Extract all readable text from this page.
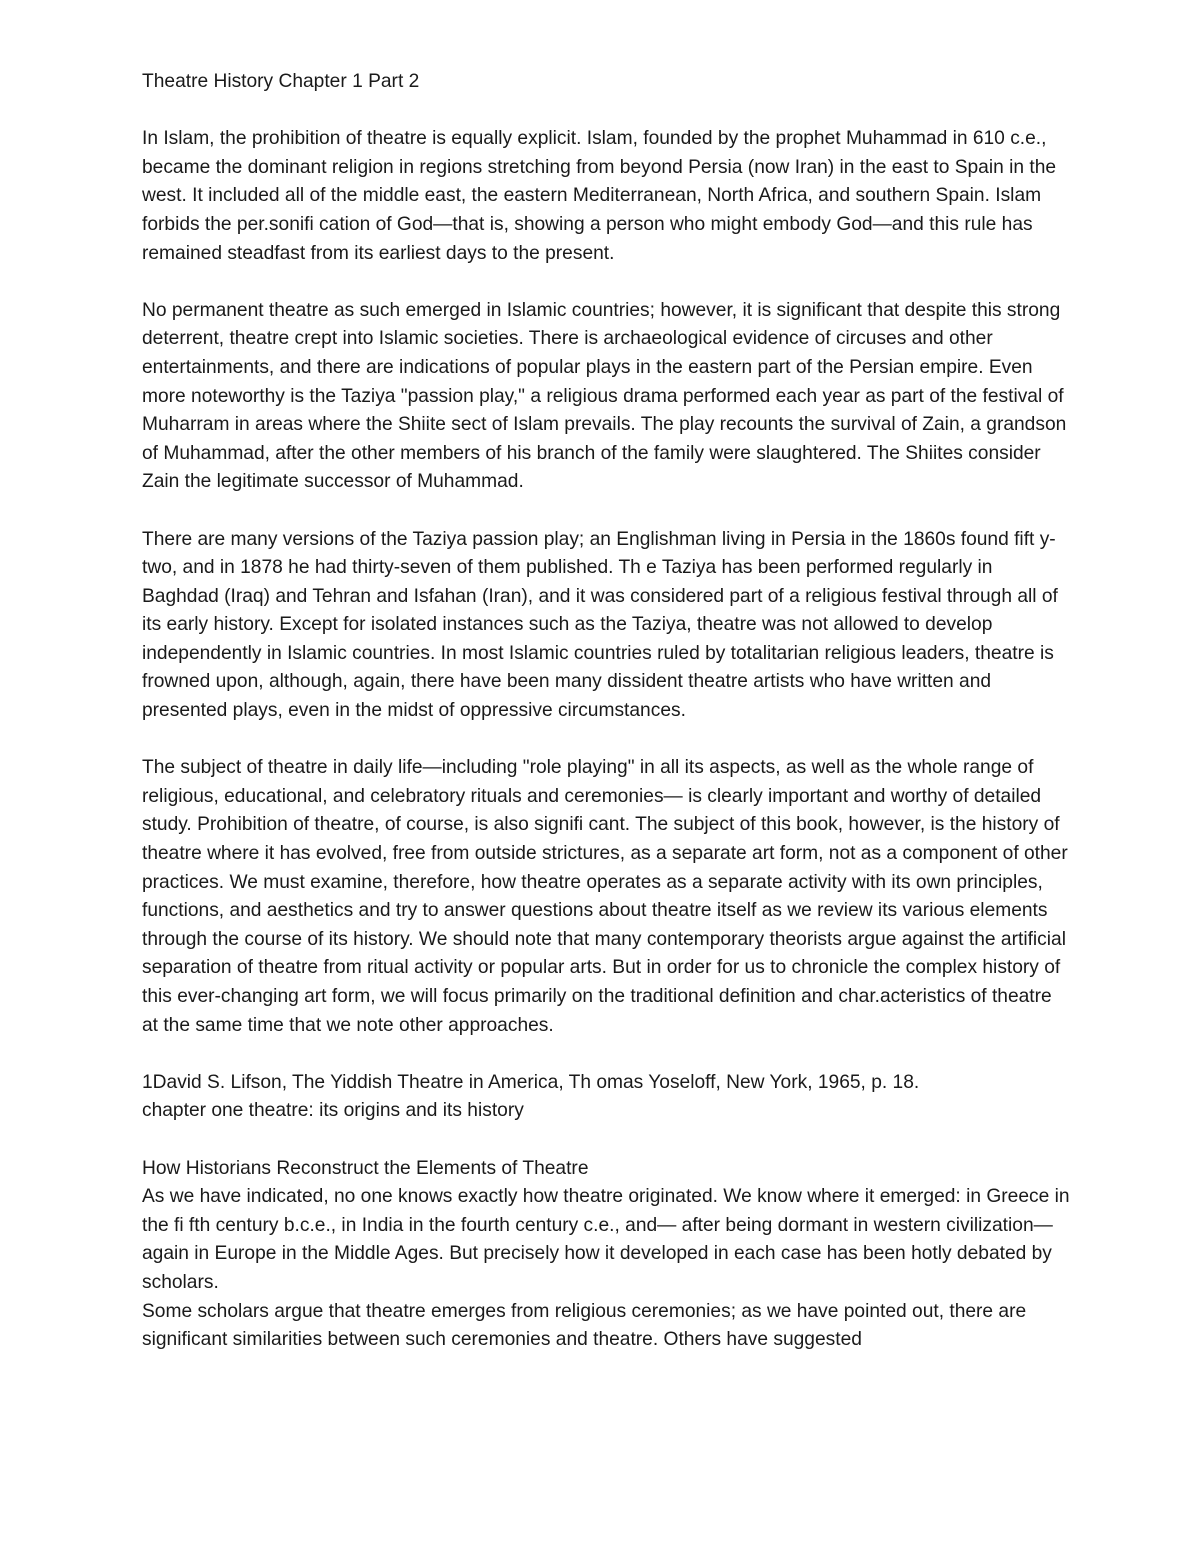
Theatre History Chapter 1 Part 2

In Islam, the prohibition of theatre is equally explicit. Islam, founded by the prophet Muhammad in 610 c.e., became the dominant religion in regions stretching from beyond Persia (now Iran) in the east to Spain in the west. It included all of the middle east, the eastern Mediterranean, North Africa, and southern Spain. Islam forbids the per.sonifi cation of God—that is, showing a person who might embody God—and this rule has remained steadfast from its earliest days to the present.

No permanent theatre as such emerged in Islamic countries; however, it is significant that despite this strong deterrent, theatre crept into Islamic societies. There is archaeological evidence of circuses and other entertainments, and there are indications of popular plays in the eastern part of the Persian empire. Even more noteworthy is the Taziya "passion play," a religious drama performed each year as part of the festival of Muharram in areas where the Shiite sect of Islam prevails. The play recounts the survival of Zain, a grandson of Muhammad, after the other members of his branch of the family were slaughtered. The Shiites consider Zain the legitimate successor of Muhammad.

There are many versions of the Taziya passion play; an Englishman living in Persia in the 1860s found fift y-two, and in 1878 he had thirty-seven of them published. Th e Taziya has been performed regularly in Baghdad (Iraq) and Tehran and Isfahan (Iran), and it was considered part of a religious festival through all of its early history. Except for isolated instances such as the Taziya, theatre was not allowed to develop independently in Islamic countries. In most Islamic countries ruled by totalitarian religious leaders, theatre is frowned upon, although, again, there have been many dissident theatre artists who have written and presented plays, even in the midst of oppressive circumstances.

The subject of theatre in daily life—including "role playing" in all its aspects, as well as the whole range of religious, educational, and celebratory rituals and ceremonies— is clearly important and worthy of detailed study. Prohibition of theatre, of course, is also signifi cant. The subject of this book, however, is the history of theatre where it has evolved, free from outside strictures, as a separate art form, not as a component of other practices. We must examine, therefore, how theatre operates as a separate activity with its own principles, functions, and aesthetics and try to answer questions about theatre itself as we review its various elements through the course of its history. We should note that many contemporary theorists argue against the artificial separation of theatre from ritual activity or popular arts. But in order for us to chronicle the complex history of this ever-changing art form, we will focus primarily on the traditional definition and char.acteristics of theatre at the same time that we note other approaches.

1David S. Lifson, The Yiddish Theatre in America, Th omas Yoseloff, New York, 1965, p. 18.

chapter one theatre: its origins and its history

How Historians Reconstruct the Elements of Theatre

As we have indicated, no one knows exactly how theatre originated. We know where it emerged: in Greece in the fi fth century b.c.e., in India in the fourth century c.e., and— after being dormant in western civilization—again in Europe in the Middle Ages. But precisely how it developed in each case has been hotly debated by scholars.

Some scholars argue that theatre emerges from religious ceremonies; as we have pointed out, there are significant similarities between such ceremonies and theatre. Others have suggested
